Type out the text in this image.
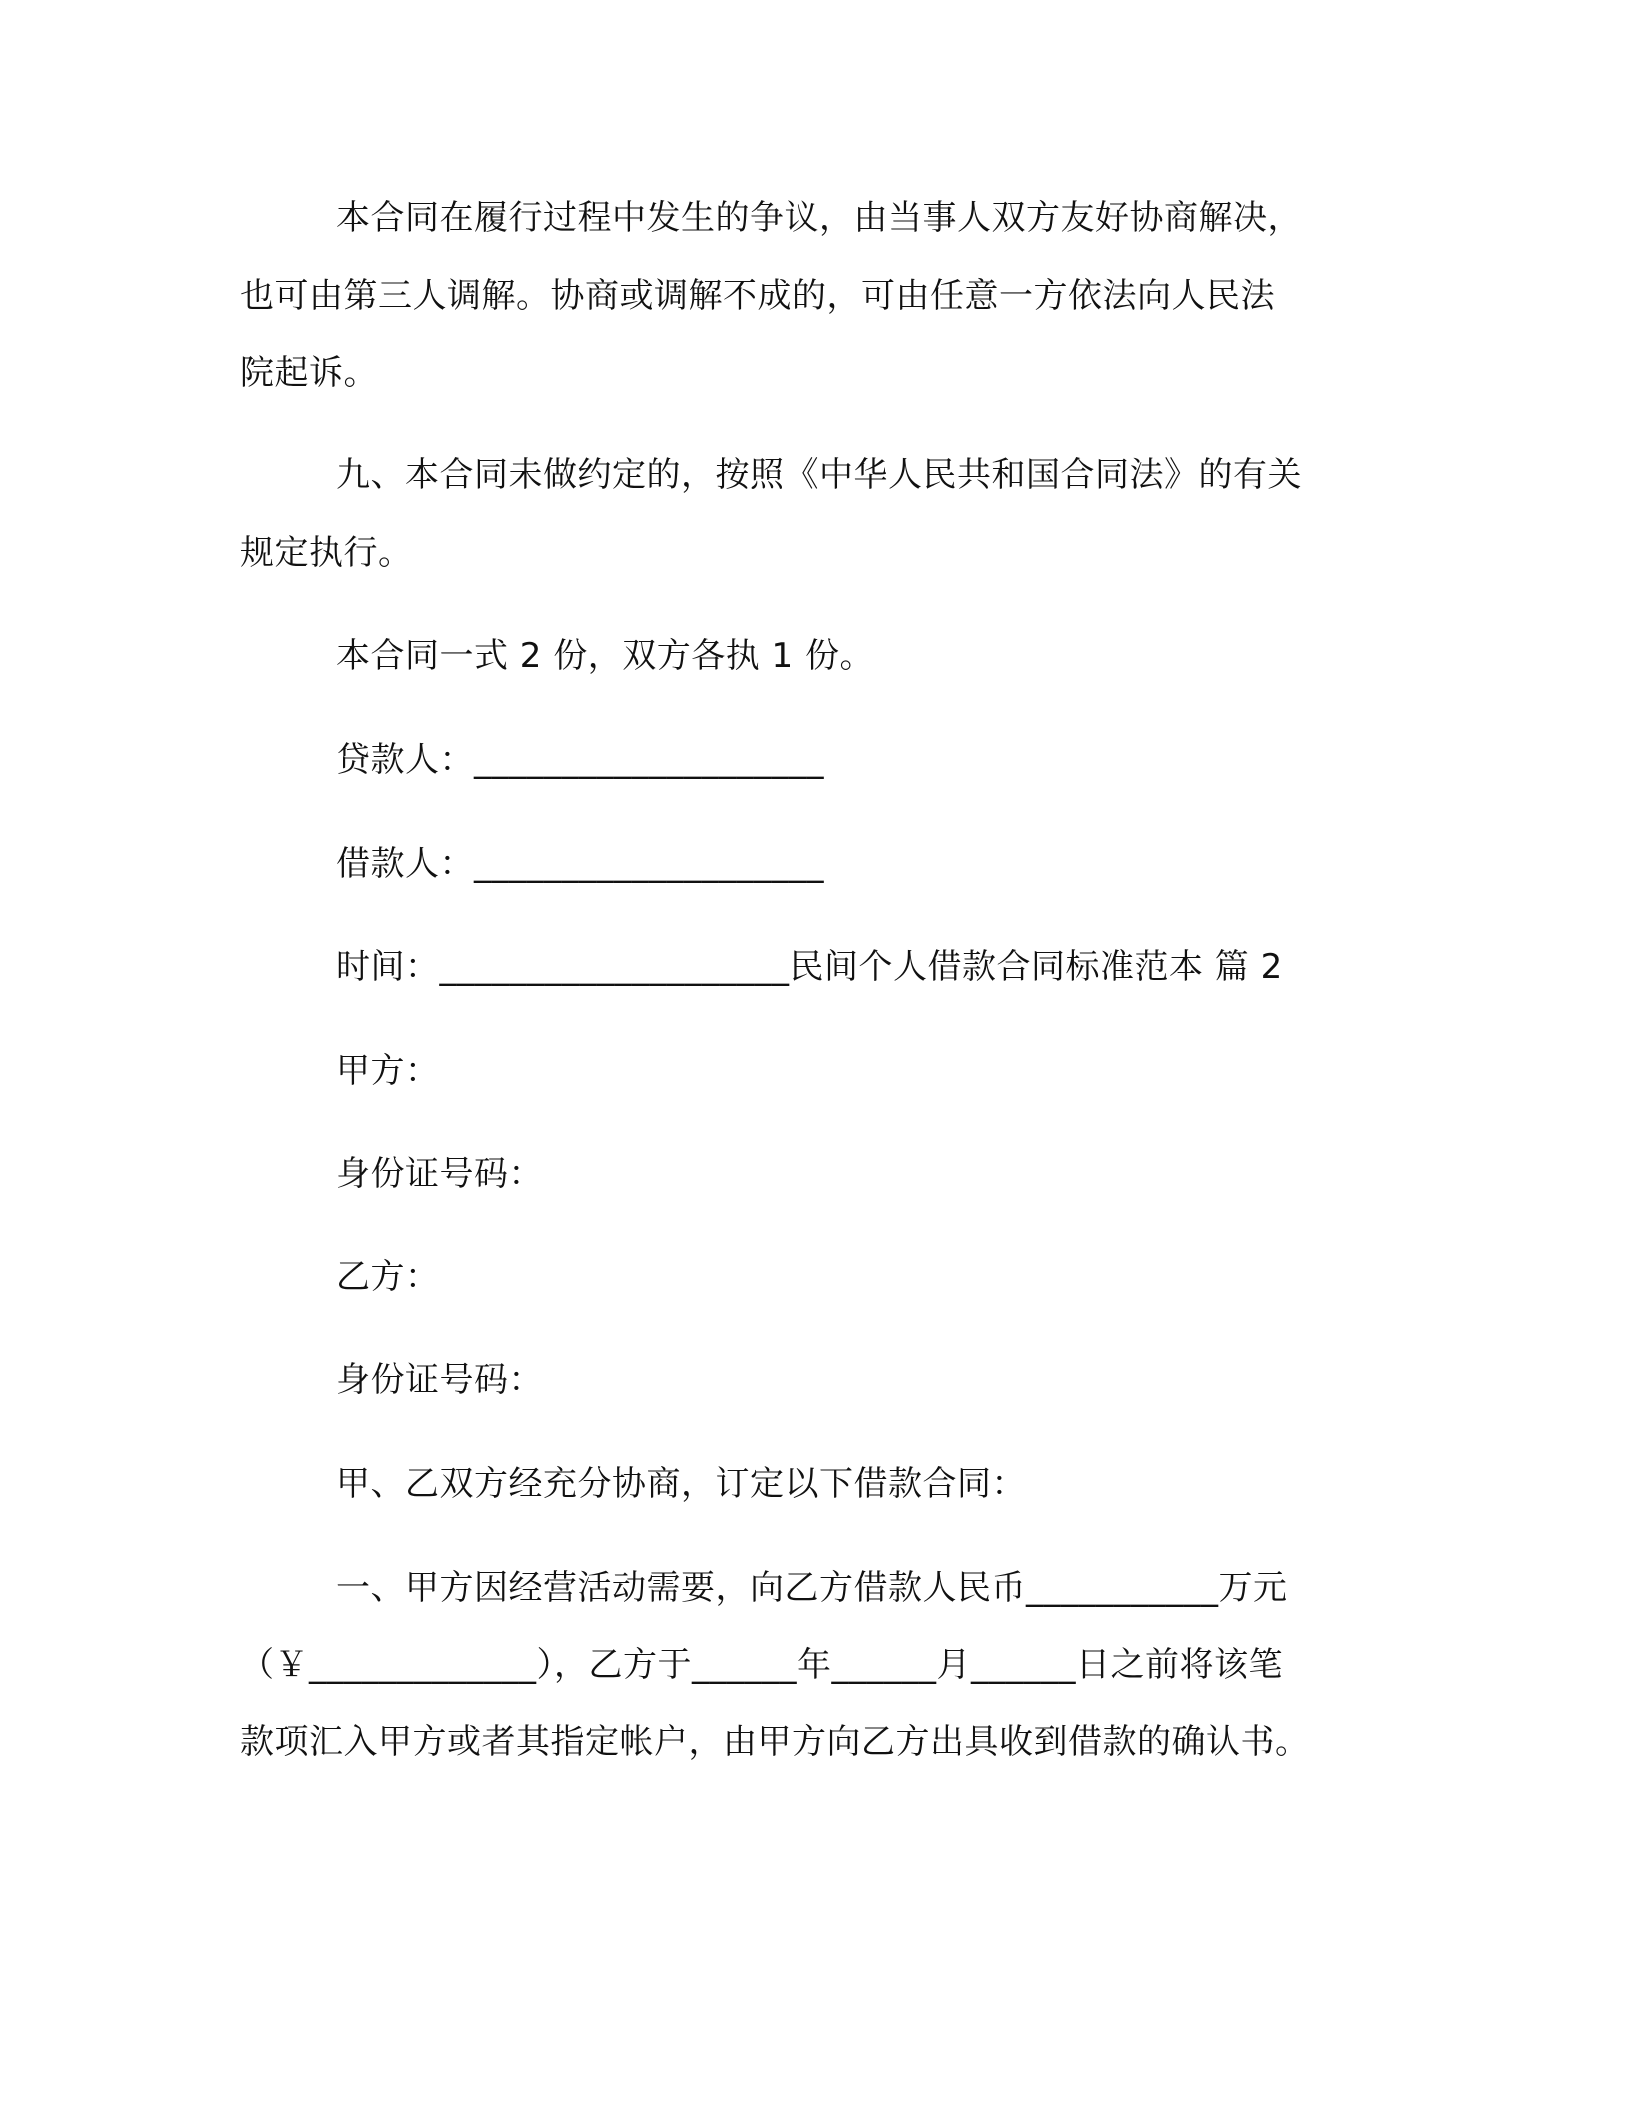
本合同在履行过程中发生的争议，由当事人双方友好协商解决，
也可由第三人调解。协商或调解不成的，可由任意一方依法向人民法
院起诉。
九、本合同未做约定的，按照《中华人民共和国合同法》的有关
规定执行。
本合同一式 2 份，双方各执 1 份。
贷款人：____________________
借款人：____________________
时间：____________________民间个人借款合同标准范本 篇 2
甲方：
身份证号码：
乙方：
身份证号码：
甲、乙双方经充分协商，订定以下借款合同：
一、甲方因经营活动需要，向乙方借款人民币___________万元
（￥_____________），乙方于______年______月______日之前将该笔
款项汇入甲方或者其指定帐户，由甲方向乙方出具收到借款的确认书。
